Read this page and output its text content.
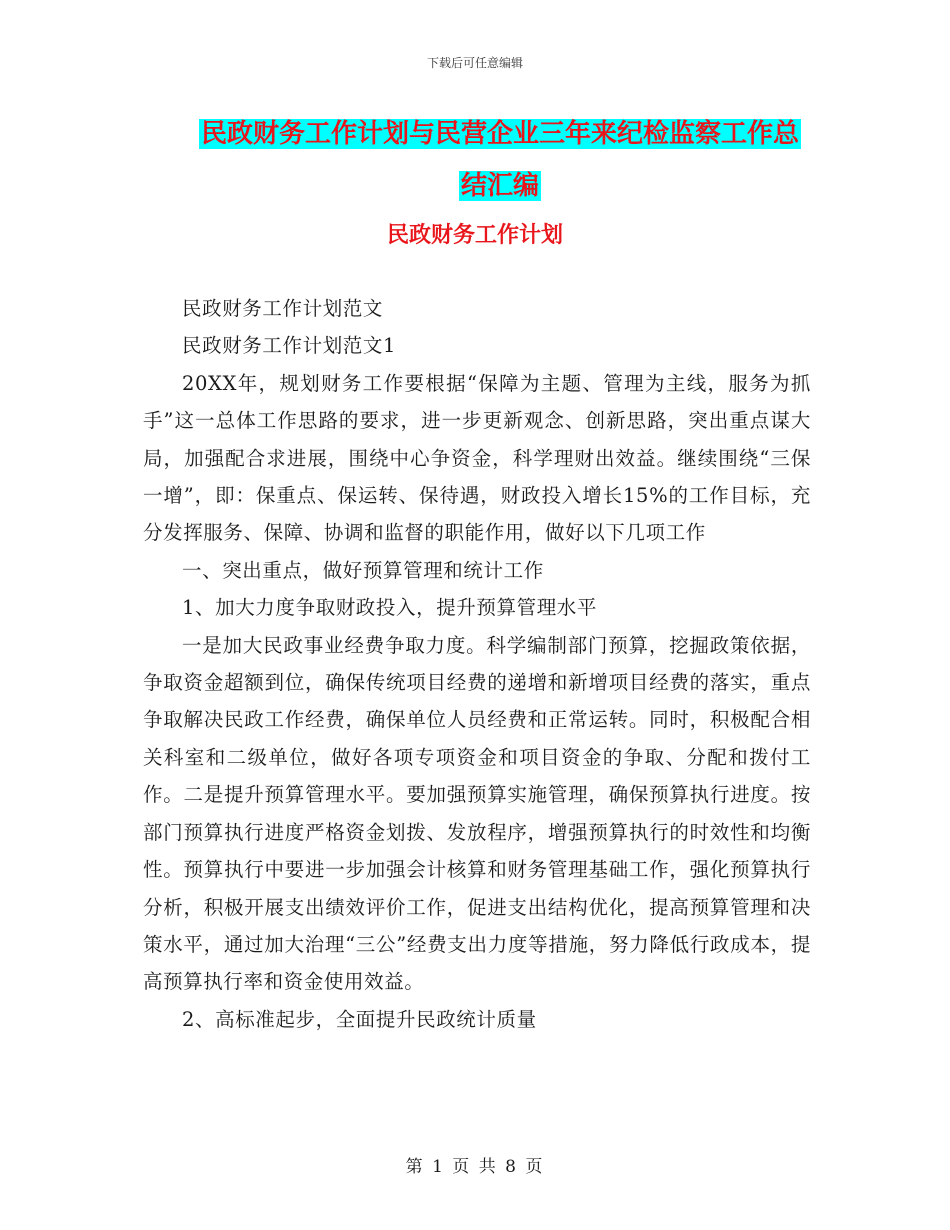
下载后可任意编辑
民政财务工作计划与民营企业三年来纪检监察工作总
结汇编
民政财务工作计划

民政财务工作计划范文

民政财务工作计划范文1

20XX年，规划财务工作要根据“保障为主题、管理为主线，服务为抓手”这一总体工作思路的要求，进一步更新观念、创新思路，突出重点谋大局，加强配合求进展，围绕中心争资金，科学理财出效益。继续围绕“三保一增”，即：保重点、保运转、保待遇，财政投入增长15%的工作目标，充分发挥服务、保障、协调和监督的职能作用，做好以下几项工作

一、突出重点，做好预算管理和统计工作

1、加大力度争取财政投入，提升预算管理水平

一是加大民政事业经费争取力度。科学编制部门预算，挖掘政策依据，争取资金超额到位，确保传统项目经费的递增和新增项目经费的落实，重点争取解决民政工作经费，确保单位人员经费和正常运转。同时，积极配合相关科室和二级单位，做好各项专项资金和项目资金的争取、分配和拨付工作。二是提升预算管理水平。要加强预算实施管理，确保预算执行进度。按部门预算执行进度严格资金划拨、发放程序，增强预算执行的时效性和均衡性。预算执行中要进一步加强会计核算和财务管理基础工作，强化预算执行分析，积极开展支出绩效评价工作，促进支出结构优化，提高预算管理和决策水平，通过加大治理“三公”经费支出力度等措施，努力降低行政成本，提高预算执行率和资金使用效益。

2、高标准起步，全面提升民政统计质量

第 1 页 共 8 页
